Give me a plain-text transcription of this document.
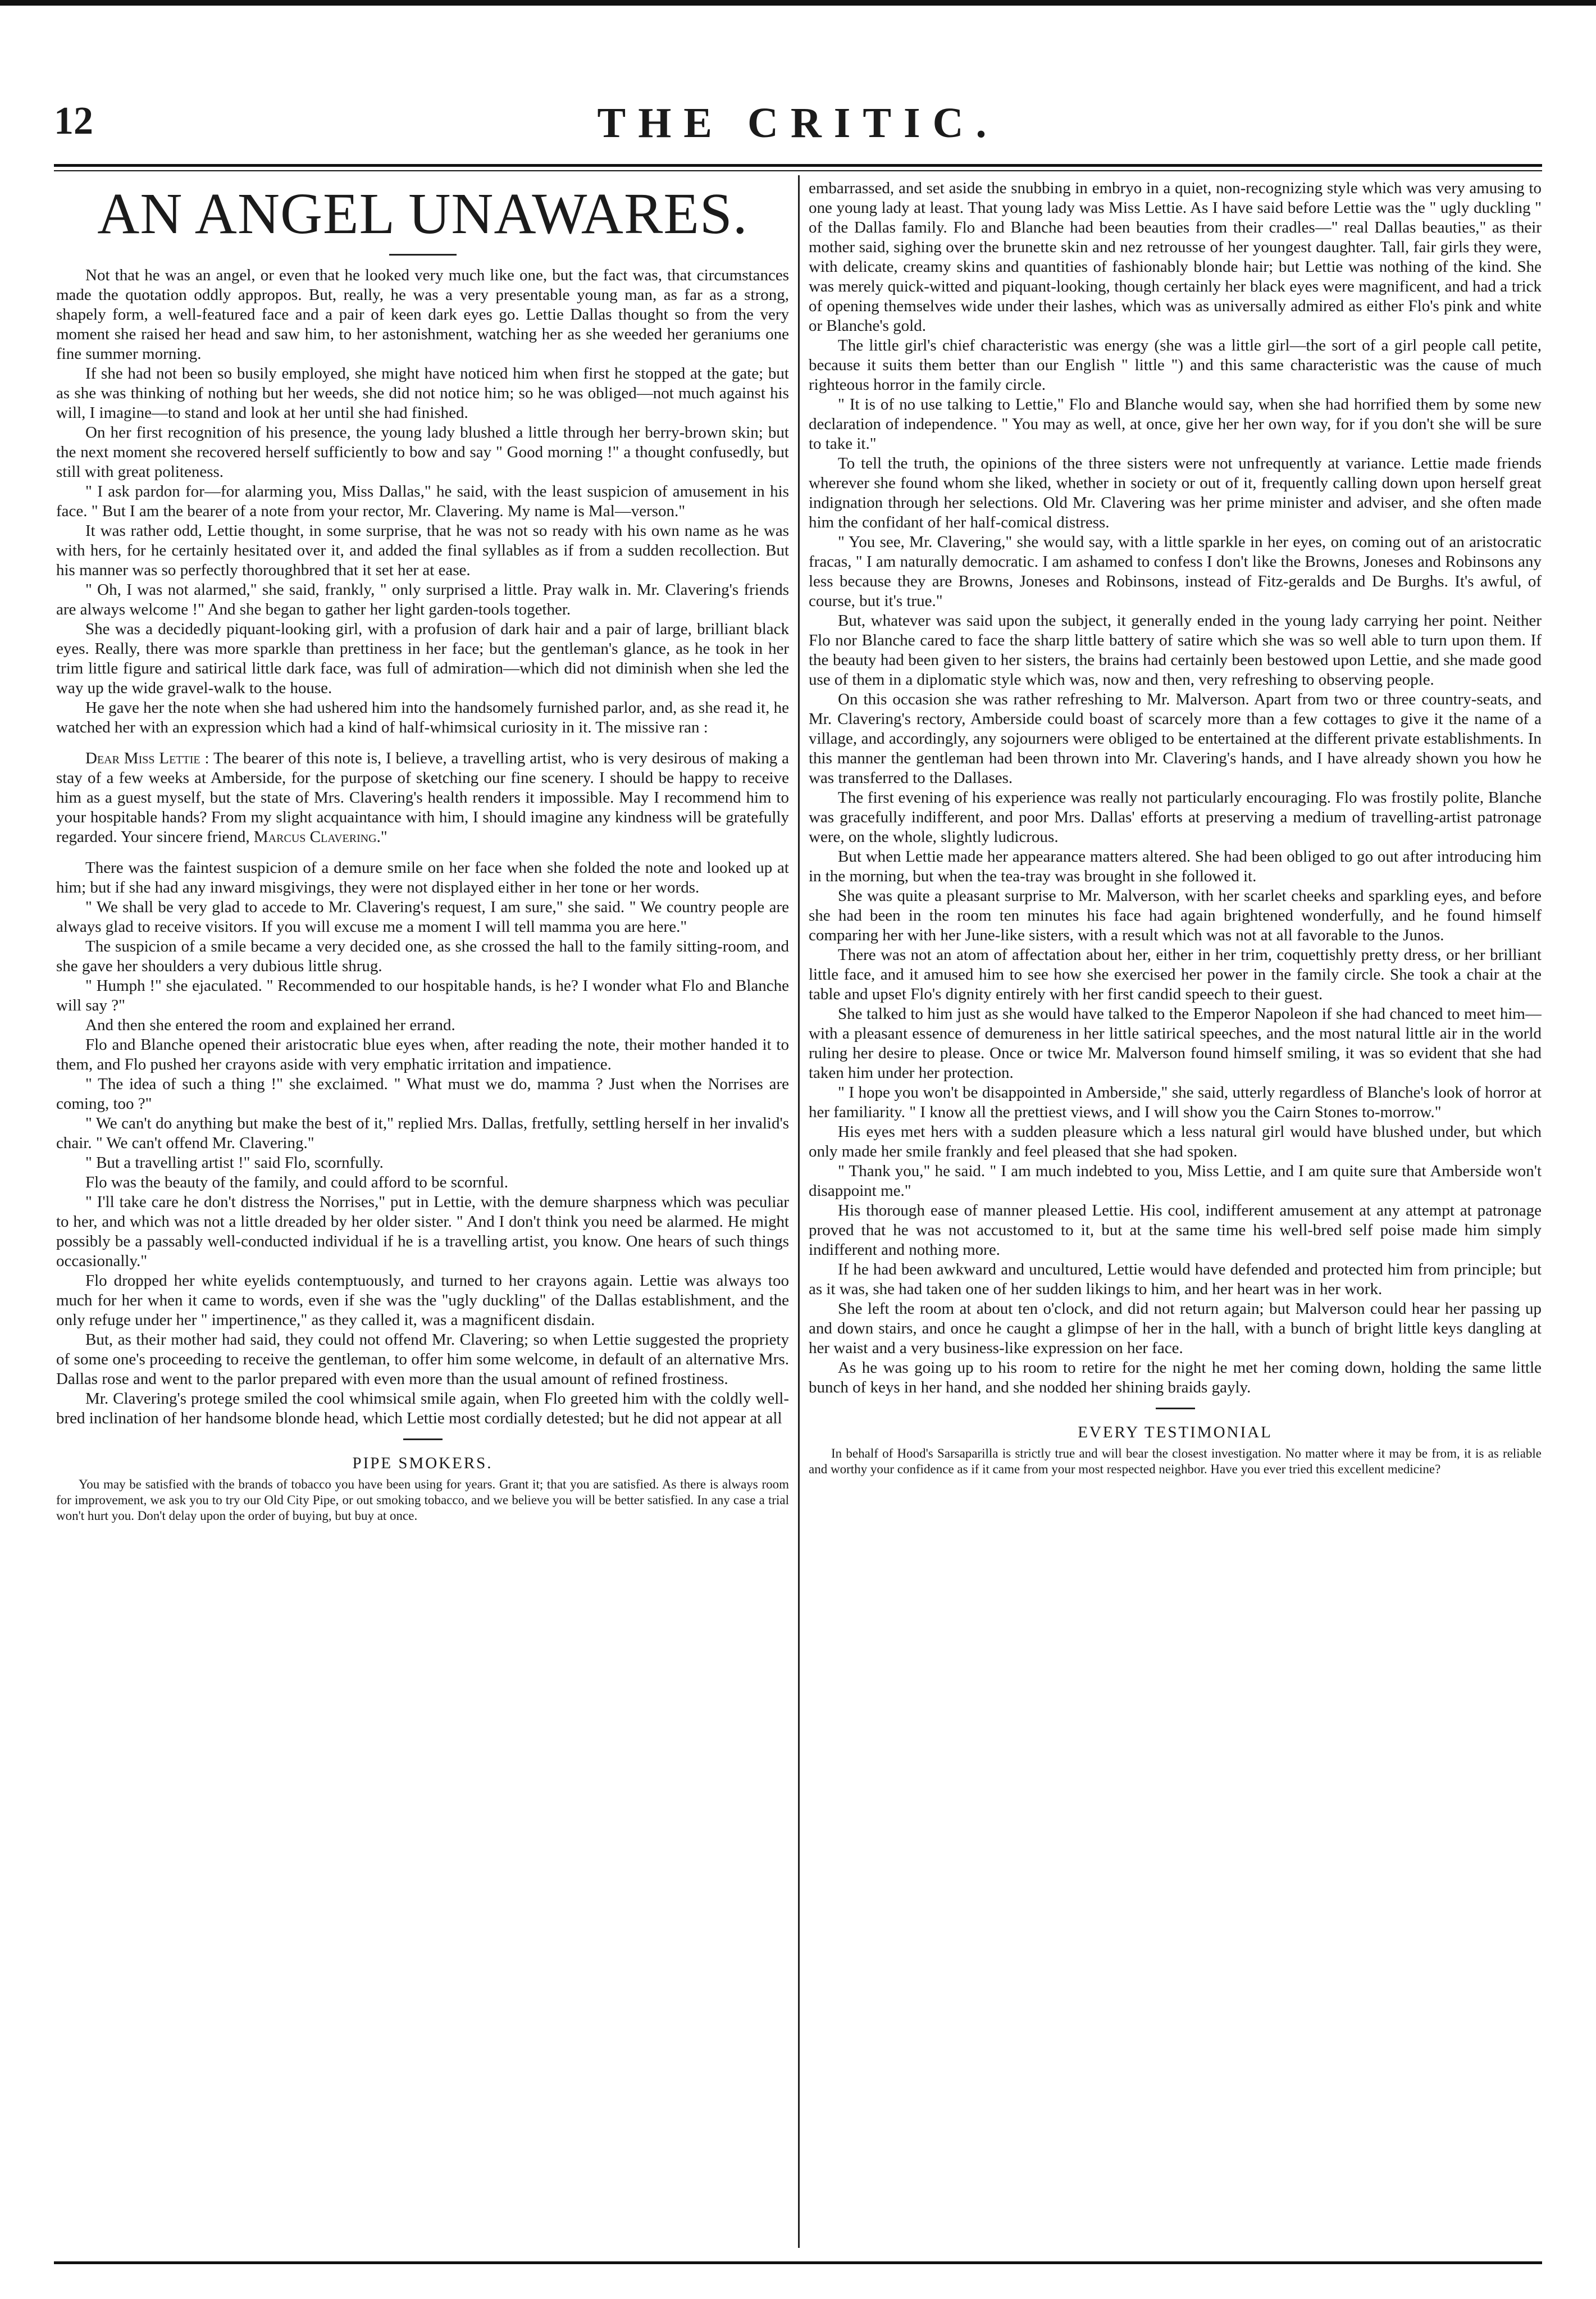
12	THE CRITIC.
AN ANGEL UNAWARES.

Not that he was an angel, or even that he looked very much like one, but the fact was, that circumstances made the quotation oddly appropos. But, really, he was a very presentable young man, as far as a strong, shapely form, a well-featured face and a pair of keen dark eyes go. Lettie Dallas thought so from the very moment she raised her head and saw him, to her astonishment, watching her as she weeded her geraniums one fine summer morning.

If she had not been so busily employed, she might have noticed him when first he stopped at the gate; but as she was thinking of nothing but her weeds, she did not notice him; so he was obliged—not much against his will, I imagine—to stand and look at her until she had finished.

On her first recognition of his presence, the young lady blushed a little through her berry-brown skin; but the next moment she recovered herself sufficiently to bow and say " Good morning !" a thought confusedly, but still with great politeness.

" I ask pardon for—for alarming you, Miss Dallas," he said, with the least suspicion of amusement in his face. " But I am the bearer of a note from your rector, Mr. Clavering. My name is Mal—verson."

It was rather odd, Lettie thought, in some surprise, that he was not so ready with his own name as he was with hers, for he certainly hesitated over it, and added the final syllables as if from a sudden recollection. But his manner was so perfectly thoroughbred that it set her at ease.

" Oh, I was not alarmed," she said, frankly, " only surprised a little. Pray walk in. Mr. Clavering's friends are always welcome !" And she began to gather her light garden-tools together.

She was a decidedly piquant-looking girl, with a profusion of dark hair and a pair of large, brilliant black eyes. Really, there was more sparkle than prettiness in her face; but the gentleman's glance, as he took in her trim little figure and satirical little dark face, was full of admiration—which did not diminish when she led the way up the wide gravel-walk to the house.

He gave her the note when she had ushered him into the handsomely furnished parlor, and, as she read it, he watched her with an expression which had a kind of half-whimsical curiosity in it. The missive ran :

Dear Miss Lettie : The bearer of this note is, I believe, a travelling artist, who is very desirous of making a stay of a few weeks at Amberside, for the purpose of sketching our fine scenery. I should be happy to receive him as a guest myself, but the state of Mrs. Clavering's health renders it impossible. May I recommend him to your hospitable hands? From my slight acquaintance with him, I should imagine any kindness will be gratefully regarded. Your sincere friend, Marcus Clavering."

There was the faintest suspicion of a demure smile on her face when she folded the note and looked up at him; but if she had any inward misgivings, they were not displayed either in her tone or her words.

" We shall be very glad to accede to Mr. Clavering's request, I am sure," she said. " We country people are always glad to receive visitors. If you will excuse me a moment I will tell mamma you are here."

The suspicion of a smile became a very decided one, as she crossed the hall to the family sitting-room, and she gave her shoulders a very dubious little shrug.

" Humph !" she ejaculated. " Recommended to our hospitable hands, is he? I wonder what Flo and Blanche will say ?"

And then she entered the room and explained her errand.

Flo and Blanche opened their aristocratic blue eyes when, after reading the note, their mother handed it to them, and Flo pushed her crayons aside with very emphatic irritation and impatience.

" The idea of such a thing !" she exclaimed. " What must we do, mamma ? Just when the Norrises are coming, too ?"

" We can't do anything but make the best of it," replied Mrs. Dallas, fretfully, settling herself in her invalid's chair. " We can't offend Mr. Clavering."

" But a travelling artist !" said Flo, scornfully.

Flo was the beauty of the family, and could afford to be scornful.

" I'll take care he don't distress the Norrises," put in Lettie, with the demure sharpness which was peculiar to her, and which was not a little dreaded by her older sister. " And I don't think you need be alarmed. He might possibly be a passably well-conducted individual if he is a travelling artist, you know. One hears of such things occasionally."

Flo dropped her white eyelids contemptuously, and turned to her crayons again. Lettie was always too much for her when it came to words, even if she was the "ugly duckling" of the Dallas establishment, and the only refuge under her " impertinence," as they called it, was a magnificent disdain.

But, as their mother had said, they could not offend Mr. Clavering; so when Lettie suggested the propriety of some one's proceeding to receive the gentleman, to offer him some welcome, in default of an alternative Mrs. Dallas rose and went to the parlor prepared with even more than the usual amount of refined frostiness.

Mr. Clavering's protege smiled the cool whimsical smile again, when Flo greeted him with the coldly well-bred inclination of her handsome blonde head, which Lettie most cordially detested; but he did not appear at all

PIPE SMOKERS.

You may be satisfied with the brands of tobacco you have been using for years. Grant it; that you are satisfied. As there is always room for improvement, we ask you to try our Old City Pipe, or out smoking tobacco, and we believe you will be better satisfied. In any case a trial won't hurt you. Don't delay upon the order of buying, but buy at once.

embarrassed, and set aside the snubbing in embryo in a quiet, non-recognizing style which was very amusing to one young lady at least. That young lady was Miss Lettie. As I have said before Lettie was the " ugly duckling " of the Dallas family. Flo and Blanche had been beauties from their cradles—" real Dallas beauties," as their mother said, sighing over the brunette skin and nez retrousse of her youngest daughter. Tall, fair girls they were, with delicate, creamy skins and quantities of fashionably blonde hair; but Lettie was nothing of the kind. She was merely quick-witted and piquant-looking, though certainly her black eyes were magnificent, and had a trick of opening themselves wide under their lashes, which was as universally admired as either Flo's pink and white or Blanche's gold.

The little girl's chief characteristic was energy (she was a little girl—the sort of a girl people call petite, because it suits them better than our English " little ") and this same characteristic was the cause of much righteous horror in the family circle.

" It is of no use talking to Lettie," Flo and Blanche would say, when she had horrified them by some new declaration of independence. " You may as well, at once, give her her own way, for if you don't she will be sure to take it."

To tell the truth, the opinions of the three sisters were not unfrequently at variance. Lettie made friends wherever she found whom she liked, whether in society or out of it, frequently calling down upon herself great indignation through her selections. Old Mr. Clavering was her prime minister and adviser, and she often made him the confidant of her half-comical distress.

" You see, Mr. Clavering," she would say, with a little sparkle in her eyes, on coming out of an aristocratic fracas, " I am naturally democratic. I am ashamed to confess I don't like the Browns, Joneses and Robinsons any less because they are Browns, Joneses and Robinsons, instead of Fitz-geralds and De Burghs. It's awful, of course, but it's true."

But, whatever was said upon the subject, it generally ended in the young lady carrying her point. Neither Flo nor Blanche cared to face the sharp little battery of satire which she was so well able to turn upon them. If the beauty had been given to her sisters, the brains had certainly been bestowed upon Lettie, and she made good use of them in a diplomatic style which was, now and then, very refreshing to observing people.

On this occasion she was rather refreshing to Mr. Malverson. Apart from two or three country-seats, and Mr. Clavering's rectory, Amberside could boast of scarcely more than a few cottages to give it the name of a village, and accordingly, any sojourners were obliged to be entertained at the different private establishments. In this manner the gentleman had been thrown into Mr. Clavering's hands, and I have already shown you how he was transferred to the Dallases.

The first evening of his experience was really not particularly encouraging. Flo was frostily polite, Blanche was gracefully indifferent, and poor Mrs. Dallas' efforts at preserving a medium of travelling-artist patronage were, on the whole, slightly ludicrous.

But when Lettie made her appearance matters altered. She had been obliged to go out after introducing him in the morning, but when the tea-tray was brought in she followed it.

She was quite a pleasant surprise to Mr. Malverson, with her scarlet cheeks and sparkling eyes, and before she had been in the room ten minutes his face had again brightened wonderfully, and he found himself comparing her with her June-like sisters, with a result which was not at all favorable to the Junos.

There was not an atom of affectation about her, either in her trim, coquettishly pretty dress, or her brilliant little face, and it amused him to see how she exercised her power in the family circle. She took a chair at the table and upset Flo's dignity entirely with her first candid speech to their guest.

She talked to him just as she would have talked to the Emperor Napoleon if she had chanced to meet him—with a pleasant essence of demureness in her little satirical speeches, and the most natural little air in the world ruling her desire to please. Once or twice Mr. Malverson found himself smiling, it was so evident that she had taken him under her protection.

" I hope you won't be disappointed in Amberside," she said, utterly regardless of Blanche's look of horror at her familiarity. " I know all the prettiest views, and I will show you the Cairn Stones to-morrow."

His eyes met hers with a sudden pleasure which a less natural girl would have blushed under, but which only made her smile frankly and feel pleased that she had spoken.

" Thank you," he said. " I am much indebted to you, Miss Lettie, and I am quite sure that Amberside won't disappoint me."

His thorough ease of manner pleased Lettie. His cool, indifferent amusement at any attempt at patronage proved that he was not accustomed to it, but at the same time his well-bred self poise made him simply indifferent and nothing more.

If he had been awkward and uncultured, Lettie would have defended and protected him from principle; but as it was, she had taken one of her sudden likings to him, and her heart was in her work.

She left the room at about ten o'clock, and did not return again; but Malverson could hear her passing up and down stairs, and once he caught a glimpse of her in the hall, with a bunch of bright little keys dangling at her waist and a very business-like expression on her face.

As he was going up to his room to retire for the night he met her coming down, holding the same little bunch of keys in her hand, and she nodded her shining braids gayly.

EVERY TESTIMONIAL

In behalf of Hood's Sarsaparilla is strictly true and will bear the closest investigation. No matter where it may be from, it is as reliable and worthy your confidence as if it came from your most respected neighbor. Have you ever tried this excellent medicine?
